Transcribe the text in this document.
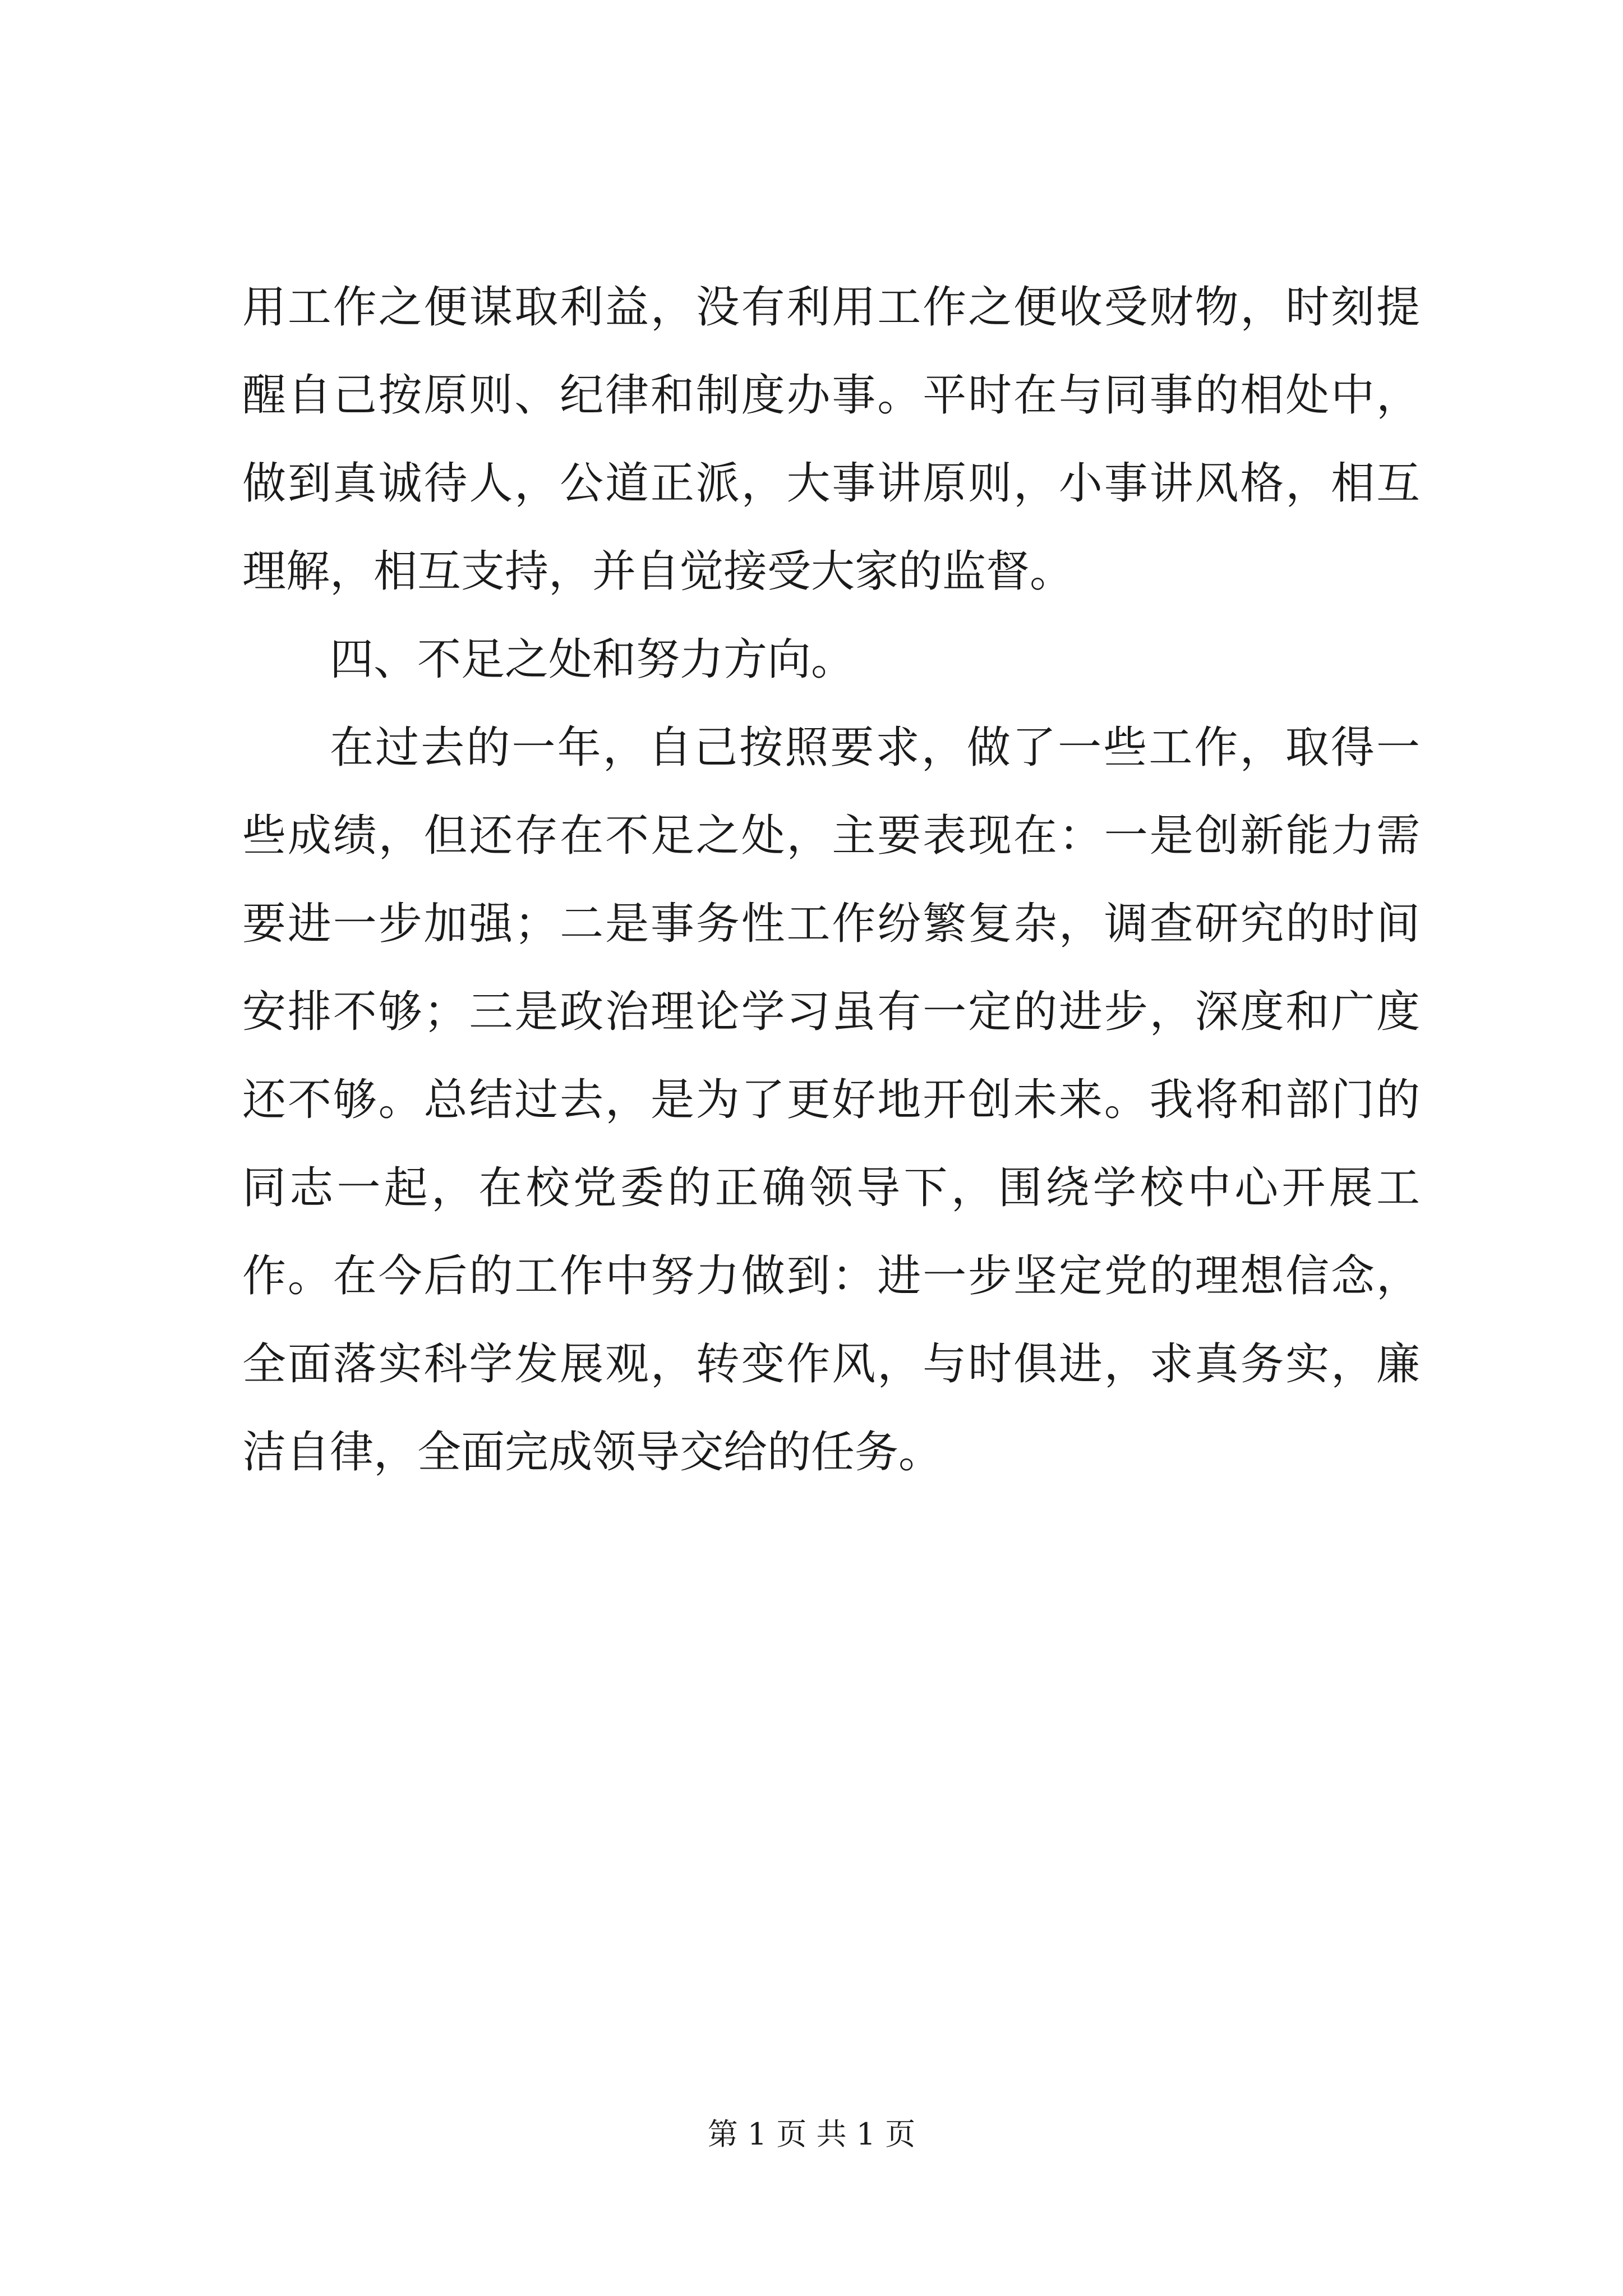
用工作之便谋取利益，没有利用工作之便收受财物，时刻提醒自己按原则、纪律和制度办事。平时在与同事的相处中，做到真诚待人，公道正派，大事讲原则，小事讲风格，相互理解，相互支持，并自觉接受大家的监督。

四、不足之处和努力方向。

在过去的一年，自己按照要求，做了一些工作，取得一些成绩，但还存在不足之处，主要表现在：一是创新能力需要进一步加强；二是事务性工作纷繁复杂，调查研究的时间安排不够；三是政治理论学习虽有一定的进步，深度和广度还不够。总结过去，是为了更好地开创未来。我将和部门的同志一起，在校党委的正确领导下，围绕学校中心开展工作。在今后的工作中努力做到：进一步坚定党的理想信念，全面落实科学发展观，转变作风，与时俱进，求真务实，廉洁自律，全面完成领导交给的任务。

第 1 页 共 1 页
